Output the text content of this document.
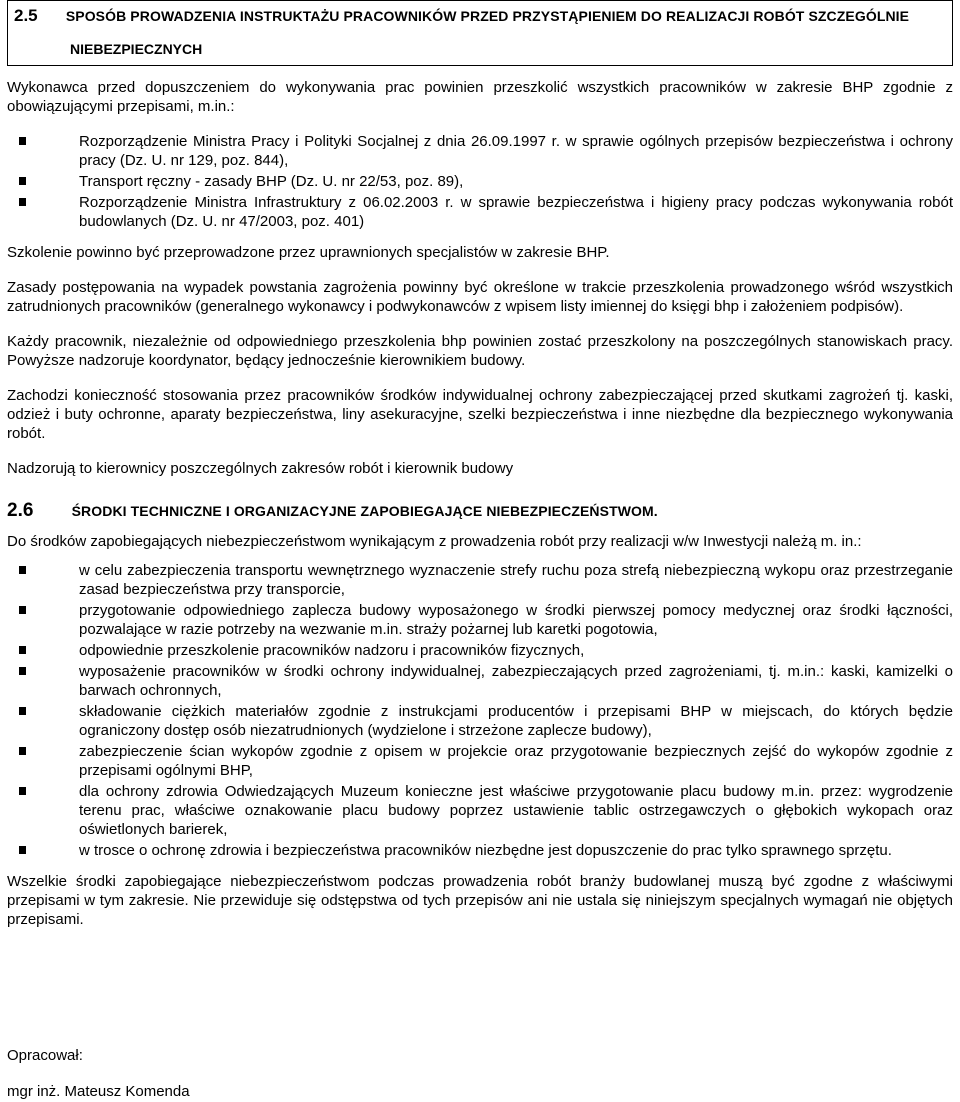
2.5 SPOSÓB PROWADZENIA INSTRUKTAŻU PRACOWNIKÓW PRZED PRZYSTĄPIENIEM DO REALIZACJI ROBÓT SZCZEGÓLNIE
NIEBEZPIECZNYCH

Wykonawca przed dopuszczeniem do wykonywania prac powinien przeszkolić wszystkich pracowników w zakresie BHP zgodnie z obowiązującymi przepisami, m.in.:

Rozporządzenie Ministra Pracy i Polityki Socjalnej z dnia 26.09.1997 r. w sprawie ogólnych przepisów bezpieczeństwa i ochrony pracy (Dz. U. nr 129, poz. 844),
Transport ręczny - zasady BHP (Dz. U. nr 22/53, poz. 89),
Rozporządzenie Ministra Infrastruktury z 06.02.2003 r. w sprawie bezpieczeństwa i higieny pracy podczas wykonywania robót budowlanych (Dz. U. nr 47/2003, poz. 401)

Szkolenie powinno być przeprowadzone przez uprawnionych specjalistów w zakresie BHP.

Zasady postępowania na wypadek powstania zagrożenia powinny być określone w trakcie przeszkolenia prowadzonego wśród wszystkich zatrudnionych pracowników (generalnego wykonawcy i podwykonawców z wpisem listy imiennej do księgi bhp i założeniem podpisów).

Każdy pracownik, niezależnie od odpowiedniego przeszkolenia bhp powinien zostać przeszkolony na poszczególnych stanowiskach pracy. Powyższe nadzoruje koordynator, będący jednocześnie kierownikiem budowy.

Zachodzi konieczność stosowania przez pracowników środków indywidualnej ochrony zabezpieczającej przed skutkami zagrożeń tj. kaski, odzież i buty ochronne, aparaty bezpieczeństwa, liny asekuracyjne, szelki bezpieczeństwa i inne niezbędne dla bezpiecznego wykonywania robót.

Nadzorują to kierownicy poszczególnych zakresów robót i kierownik budowy

2.6	ŚRODKI TECHNICZNE I ORGANIZACYJNE ZAPOBIEGAJĄCE NIEBEZPIECZEŃSTWOM.

Do środków zapobiegających niebezpieczeństwom wynikającym z prowadzenia robót przy realizacji w/w Inwestycji należą m. in.:

w celu zabezpieczenia transportu wewnętrznego wyznaczenie strefy ruchu poza strefą niebezpieczną wykopu oraz przestrzeganie zasad bezpieczeństwa przy transporcie,
przygotowanie odpowiedniego zaplecza budowy wyposażonego w środki pierwszej pomocy medycznej oraz środki łączności, pozwalające w razie potrzeby na wezwanie m.in. straży pożarnej lub karetki pogotowia,
odpowiednie przeszkolenie pracowników nadzoru i pracowników fizycznych,
wyposażenie pracowników w środki ochrony indywidualnej, zabezpieczających przed zagrożeniami, tj. m.in.: kaski, kamizelki o barwach ochronnych,
składowanie ciężkich materiałów zgodnie z instrukcjami producentów i przepisami BHP w miejscach, do których będzie ograniczony dostęp osób niezatrudnionych (wydzielone i strzeżone zaplecze budowy),
zabezpieczenie ścian wykopów zgodnie z opisem w projekcie oraz przygotowanie bezpiecznych zejść do wykopów zgodnie z przepisami ogólnymi BHP,
dla ochrony zdrowia Odwiedzających Muzeum konieczne jest właściwe przygotowanie placu budowy m.in. przez: wygrodzenie terenu prac, właściwe oznakowanie placu budowy poprzez ustawienie tablic ostrzegawczych o głębokich wykopach oraz oświetlonych barierek,
w trosce o ochronę zdrowia i bezpieczeństwa pracowników niezbędne jest dopuszczenie do prac tylko sprawnego sprzętu.

Wszelkie środki zapobiegające niebezpieczeństwom podczas prowadzenia robót branży budowlanej muszą być zgodne z właściwymi przepisami w tym zakresie. Nie przewiduje się odstępstwa od tych przepisów ani nie ustala się niniejszym specjalnych wymagań nie objętych przepisami.

Opracował:
mgr inż. Mateusz Komenda
